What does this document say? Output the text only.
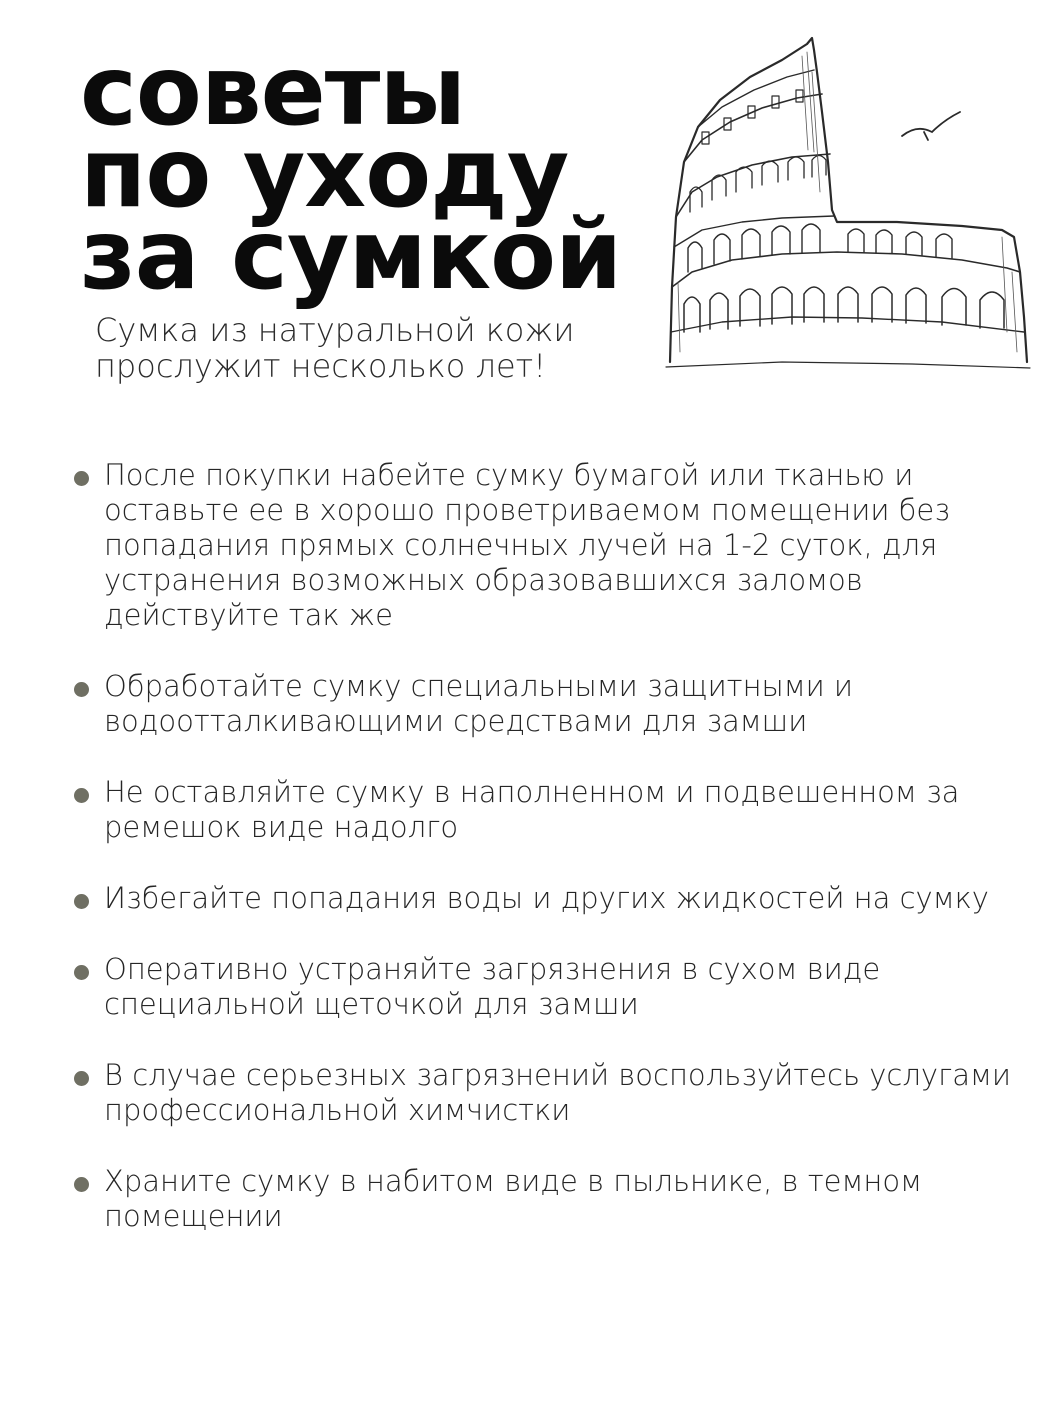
советы
по уходу
за сумкой

Сумка из натуральной кожи
прослужит несколько лет!

После покупки набейте сумку бумагой или тканью и оставьте ее в хорошо проветриваемом помещении без попадания прямых солнечных лучей на 1-2 суток, для устранения возможных образовавшихся заломов действуйте так же
Обработайте сумку специальными защитными и водоотталкивающими средствами для замши
Не оставляйте сумку в наполненном и подвешенном за ремешок виде надолго
Избегайте попадания воды и других жидкостей на сумку
Оперативно устраняйте загрязнения в сухом виде специальной щеточкой для замши
В случае серьезных загрязнений воспользуйтесь услугами профессиональной химчистки
Храните сумку в набитом виде в пыльнике, в темном помещении
